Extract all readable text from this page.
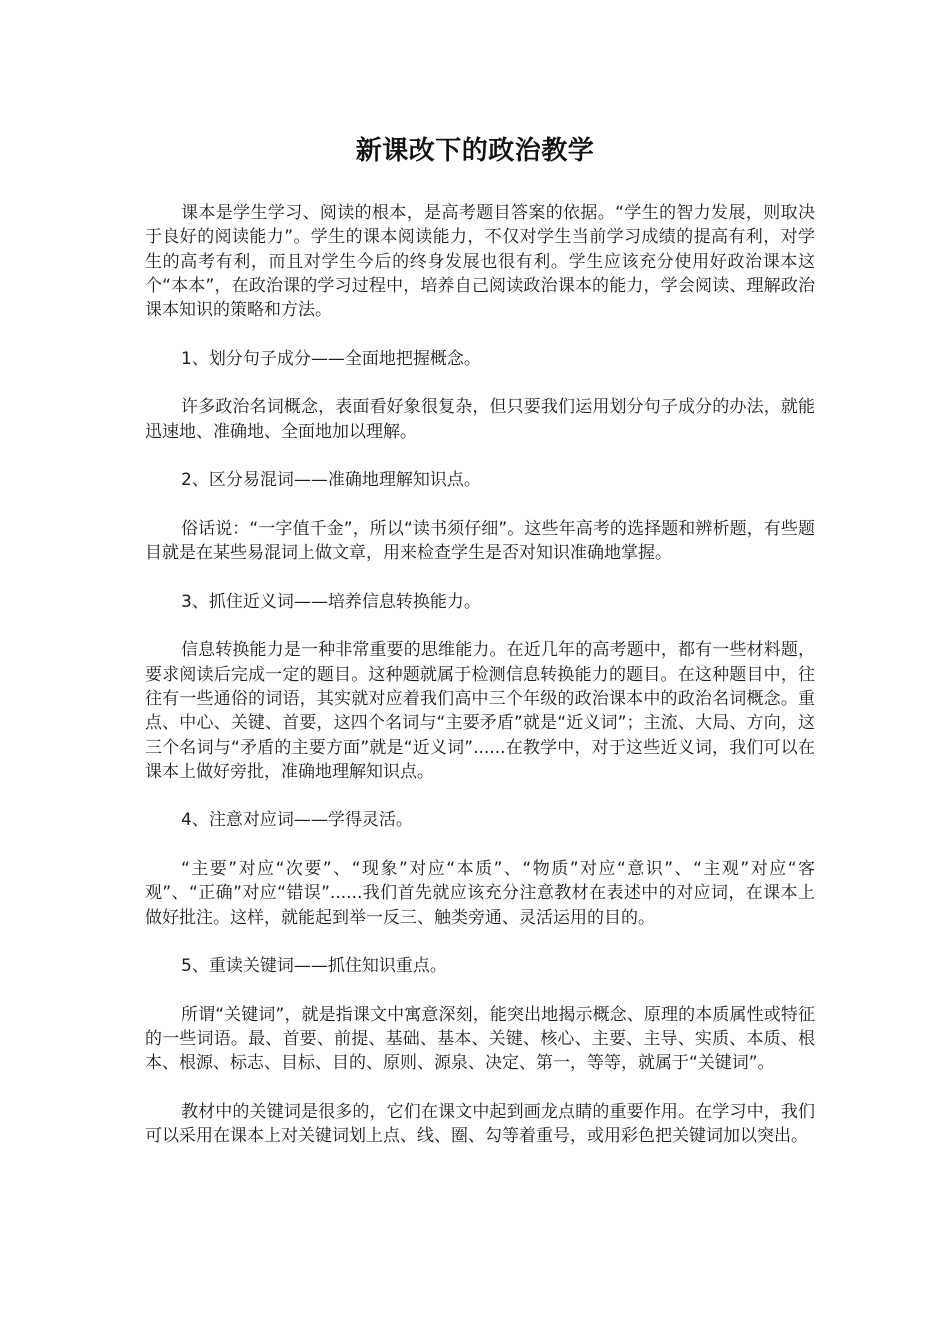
新课改下的政治教学

课本是学生学习、阅读的根本，是高考题目答案的依据。“学生的智力发展，则取决于良好的阅读能力”。学生的课本阅读能力，不仅对学生当前学习成绩的提高有利，对学生的高考有利，而且对学生今后的终身发展也很有利。学生应该充分使用好政治课本这个“本本”，在政治课的学习过程中，培养自己阅读政治课本的能力，学会阅读、理解政治课本知识的策略和方法。

1、划分句子成分——全面地把握概念。

许多政治名词概念，表面看好象很复杂，但只要我们运用划分句子成分的办法，就能迅速地、准确地、全面地加以理解。

2、区分易混词——准确地理解知识点。

俗话说：“一字值千金”，所以“读书须仔细”。这些年高考的选择题和辨析题，有些题目就是在某些易混词上做文章，用来检查学生是否对知识准确地掌握。

3、抓住近义词——培养信息转换能力。

信息转换能力是一种非常重要的思维能力。在近几年的高考题中，都有一些材料题，要求阅读后完成一定的题目。这种题就属于检测信息转换能力的题目。在这种题目中，往往有一些通俗的词语，其实就对应着我们高中三个年级的政治课本中的政治名词概念。重点、中心、关键、首要，这四个名词与“主要矛盾”就是“近义词”；主流、大局、方向，这三个名词与“矛盾的主要方面”就是“近义词”......在教学中，对于这些近义词，我们可以在课本上做好旁批，准确地理解知识点。

4、注意对应词——学得灵活。

“主要”对应“次要”、“现象”对应“本质”、“物质”对应“意识”、“主观”对应“客观”、“正确”对应“错误”......我们首先就应该充分注意教材在表述中的对应词，在课本上做好批注。这样，就能起到举一反三、触类旁通、灵活运用的目的。

5、重读关键词——抓住知识重点。

所谓“关键词”，就是指课文中寓意深刻，能突出地揭示概念、原理的本质属性或特征的一些词语。最、首要、前提、基础、基本、关键、核心、主要、主导、实质、本质、根本、根源、标志、目标、目的、原则、源泉、决定、第一，等等，就属于“关键词”。

教材中的关键词是很多的，它们在课文中起到画龙点睛的重要作用。在学习中，我们可以采用在课本上对关键词划上点、线、圈、勾等着重号，或用彩色把关键词加以突出。
